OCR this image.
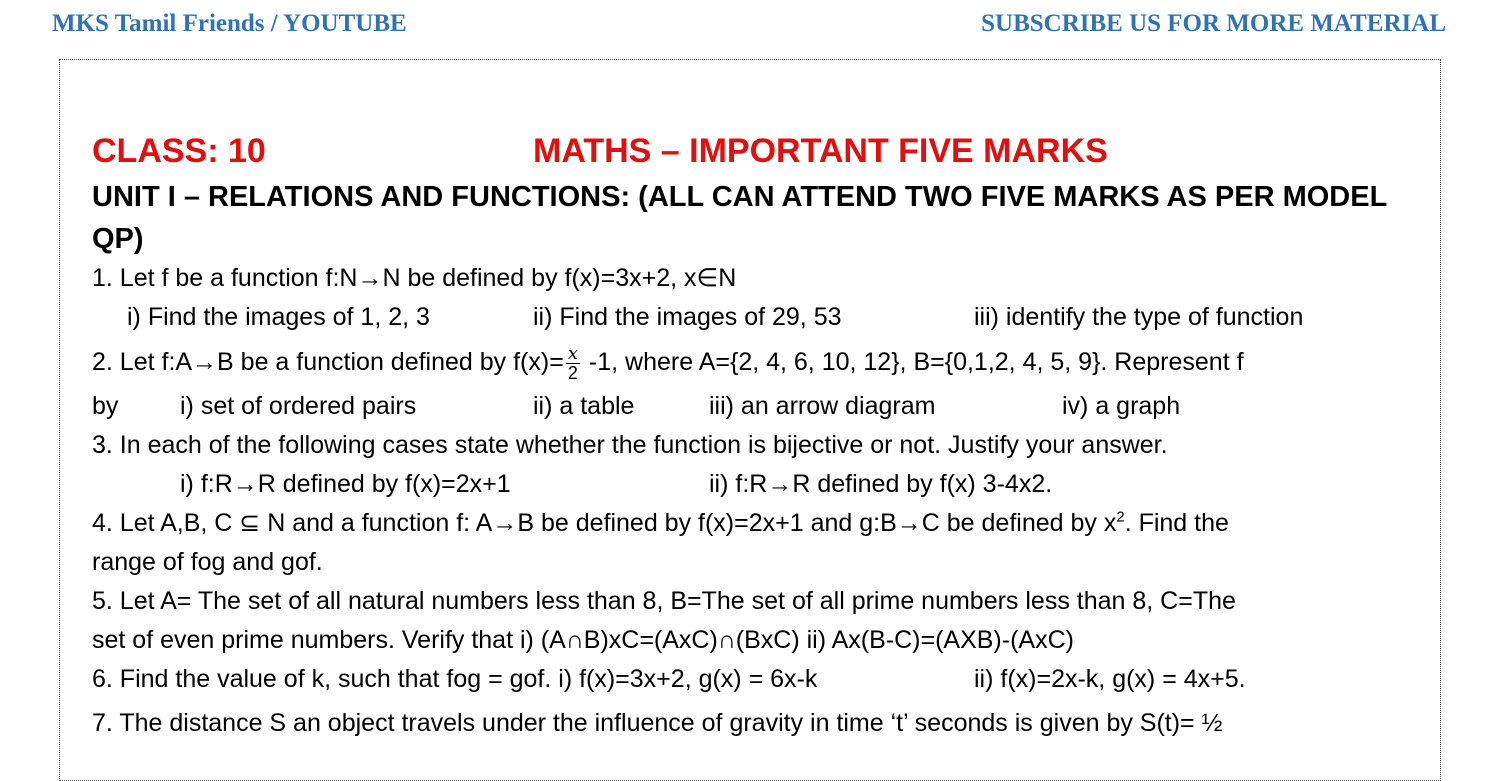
MKS Tamil Friends / YOUTUBE	SUBSCRIBE US FOR MORE MATERIAL
CLASS: 10	MATHS – IMPORTANT FIVE MARKS
UNIT I – RELATIONS AND FUNCTIONS: (ALL CAN ATTEND TWO FIVE MARKS AS PER MODEL
QP)
1. Let f be a function f:N→N be defined by f(x)=3x+2, x∈N
i) Find the images of 1, 2, 3	ii) Find the images of 29, 53	iii) identify the type of function
2. Let f:A→B be a function defined by $f(x)= \frac{x}{2} -1$, where A={2, 4, 6, 10, 12}, B={0,1,2, 4, 5, 9}. Represent f
by i) set of ordered pairs	ii) a table	iii) an arrow diagram	iv) a graph
3. In each of the following cases state whether the function is bijective or not. Justify your answer.
i) f:R→R defined by f(x)=2x+1	ii) f:R→R defined by f(x) 3-4x2.
4. Let A,B, C ⊆ N and a function f: A→B be defined by f(x)=2x+1 and g:B→C be defined by $x^2$. Find the
range of fog and gof.
5. Let A= The set of all natural numbers less than 8, B=The set of all prime numbers less than 8, C=The
set of even prime numbers. Verify that i) (A∩B)xC=(AxC)∩(BxC) ii) Ax(B-C)=(AXB)-(AxC)
6. Find the value of k, such that fog = gof. i) f(x)=3x+2, g(x) = 6x-k	ii) f(x)=2x-k, g(x) = 4x+5.
7. The distance S an object travels under the influence of gravity in time ‘t’ seconds is given by S(t)= ½
